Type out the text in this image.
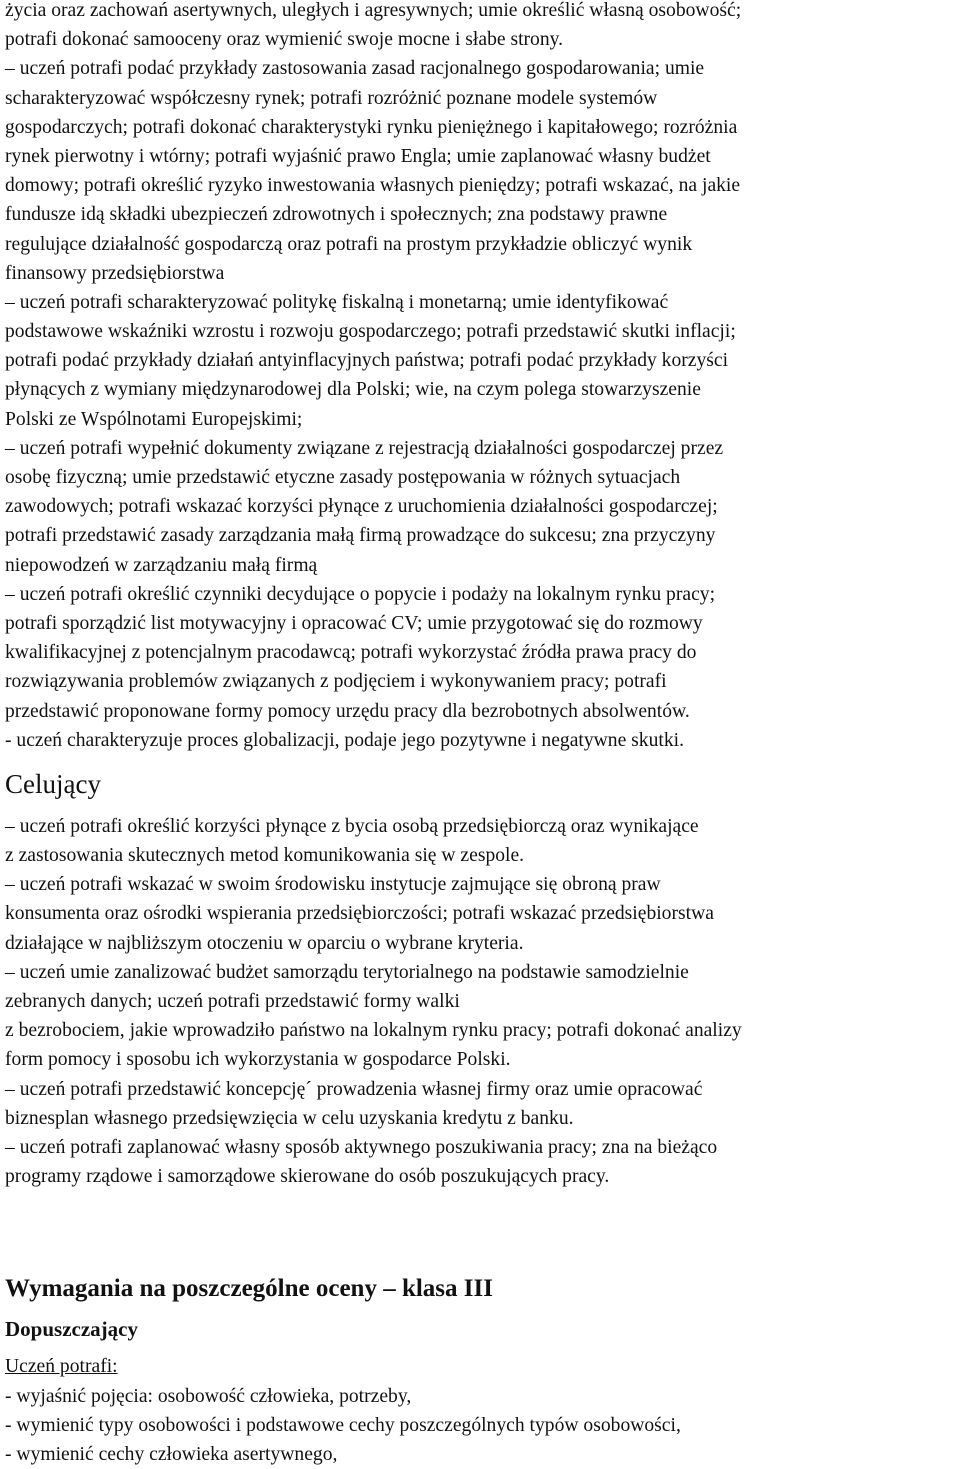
życia oraz zachowań asertywnych, uległych i agresywnych; umie określić własną osobowość;
potrafi dokonać samooceny oraz wymienić swoje mocne i słabe strony.
– uczeń potrafi podać przykłady zastosowania zasad racjonalnego gospodarowania; umie
scharakteryzować współczesny rynek; potrafi rozróżnić poznane modele systemów
gospodarczych; potrafi dokonać charakterystyki rynku pieniężnego i kapitałowego; rozróżnia
rynek pierwotny i wtórny; potrafi wyjaśnić prawo Engla; umie zaplanować własny budżet
domowy; potrafi określić ryzyko inwestowania własnych pieniędzy; potrafi wskazać, na jakie
fundusze idą składki ubezpieczeń zdrowotnych i społecznych; zna podstawy prawne
regulujące działalność gospodarczą oraz potrafi na prostym przykładzie obliczyć wynik
finansowy przedsiębiorstwa
– uczeń potrafi scharakteryzować politykę fiskalną i monetarną; umie identyfikować
podstawowe wskaźniki wzrostu i rozwoju gospodarczego; potrafi przedstawić skutki inflacji;
potrafi podać przykłady działań antyinflacyjnych państwa; potrafi podać przykłady korzyści
płynących z wymiany międzynarodowej dla Polski; wie, na czym polega stowarzyszenie
Polski ze Wspólnotami Europejskimi;
– uczeń potrafi wypełnić dokumenty związane z rejestracją działalności gospodarczej przez
osobę fizyczną; umie przedstawić etyczne zasady postępowania w różnych sytuacjach
zawodowych; potrafi wskazać korzyści płynące z uruchomienia działalności gospodarczej;
potrafi przedstawić zasady zarządzania małą firmą prowadzące do sukcesu; zna przyczyny
niepowodzeń w zarządzaniu małą firmą
– uczeń potrafi określić czynniki decydujące o popycie i podaży na lokalnym rynku pracy;
potrafi sporządzić list motywacyjny i opracować CV; umie przygotować się do rozmowy
kwalifikacyjnej z potencjalnym pracodawcą; potrafi wykorzystać źródła prawa pracy do
rozwiązywania problemów związanych z podjęciem i wykonywaniem pracy; potrafi
przedstawić proponowane formy pomocy urzędu pracy dla bezrobotnych absolwentów.
- uczeń charakteryzuje proces globalizacji, podaje jego pozytywne i negatywne skutki.
Celujący
– uczeń potrafi określić korzyści płynące z bycia osobą przedsiębiorczą oraz wynikające
z zastosowania skutecznych metod komunikowania się w zespole.
– uczeń potrafi wskazać w swoim środowisku instytucje zajmujące się obroną praw
konsumenta oraz ośrodki wspierania przedsiębiorczości; potrafi wskazać przedsiębiorstwa
działające w najbliższym otoczeniu w oparciu o wybrane kryteria.
– uczeń umie zanalizować budżet samorządu terytorialnego na podstawie samodzielnie
zebranych danych; uczeń potrafi przedstawić formy walki
z bezrobociem, jakie wprowadziło państwo na lokalnym rynku pracy; potrafi dokonać analizy
form pomocy i sposobu ich wykorzystania w gospodarce Polski.
– uczeń potrafi przedstawić koncepcję´ prowadzenia własnej firmy oraz umie opracować
biznesplan własnego przedsięwzięcia w celu uzyskania kredytu z banku.
– uczeń potrafi zaplanować własny sposób aktywnego poszukiwania pracy; zna na bieżąco
programy rządowe i samorządowe skierowane do osób poszukujących pracy.
Wymagania na poszczególne oceny – klasa III
Dopuszczający
Uczeń potrafi:
- wyjaśnić pojęcia: osobowość człowieka, potrzeby,
- wymienić typy osobowości i podstawowe cechy poszczególnych typów osobowości,
- wymienić cechy człowieka asertywnego,
